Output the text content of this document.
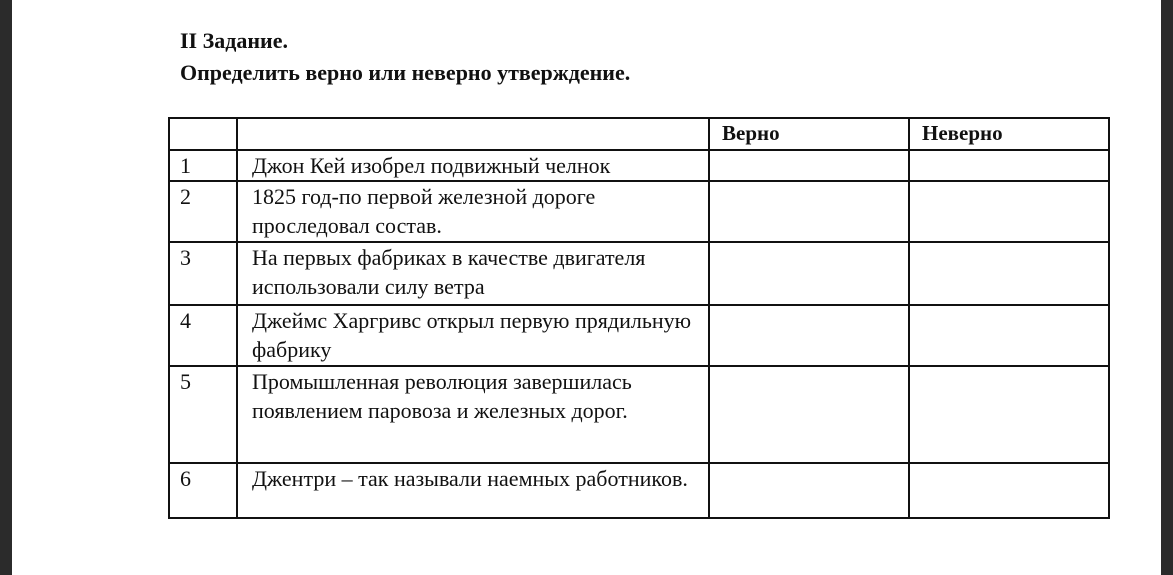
II Задание.
Определить верно или неверно утверждение.
		Верно	Неверно
1	Джон Кей изобрел подвижный челнок		
2	1825 год-по первой железной дороге проследовал состав.		
3	На первых фабриках в качестве двигателя использовали силу ветра		
4	Джеймс Харгривс открыл первую прядильную фабрику		
5	Промышленная революция завершилась появлением паровоза и железных дорог.		
6	Джентри – так называли наемных работников.		
